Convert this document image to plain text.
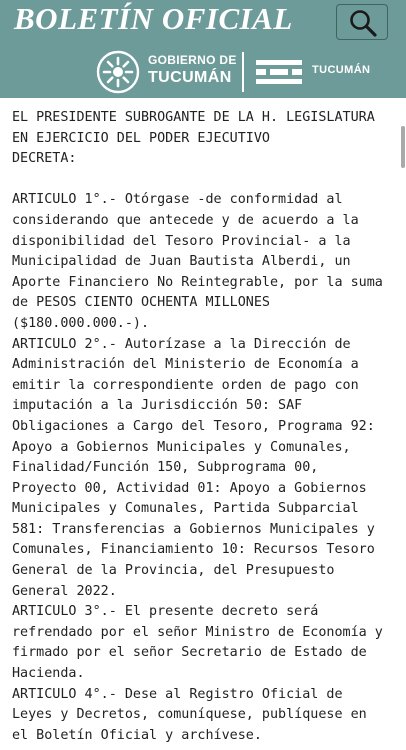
BOLETÍN OFICIAL
GOBIERNO DE
TUCUMÁN	TUCUMÁN
EL PRESIDENTE SUBROGANTE DE LA H. LEGISLATURA
EN EJERCICIO DEL PODER EJECUTIVO
DECRETA:

ARTICULO 1°.- Otórgase -de conformidad al
considerando que antecede y de acuerdo a la
disponibilidad del Tesoro Provincial- a la
Municipalidad de Juan Bautista Alberdi, un
Aporte Financiero No Reintegrable, por la suma
de PESOS CIENTO OCHENTA MILLONES
($180.000.000.-).
ARTICULO 2°.- Autorízase a la Dirección de
Administración del Ministerio de Economía a
emitir la correspondiente orden de pago con
imputación a la Jurisdicción 50: SAF
Obligaciones a Cargo del Tesoro, Programa 92:
Apoyo a Gobiernos Municipales y Comunales,
Finalidad/Función 150, Subprograma 00,
Proyecto 00, Actividad 01: Apoyo a Gobiernos
Municipales y Comunales, Partida Subparcial
581: Transferencias a Gobiernos Municipales y
Comunales, Financiamiento 10: Recursos Tesoro
General de la Provincia, del Presupuesto
General 2022.
ARTICULO 3°.- El presente decreto será
refrendado por el señor Ministro de Economía y
firmado por el señor Secretario de Estado de
Hacienda.
ARTICULO 4°.- Dese al Registro Oficial de
Leyes y Decretos, comuníquese, publíquese en
el Boletín Oficial y archívese.
